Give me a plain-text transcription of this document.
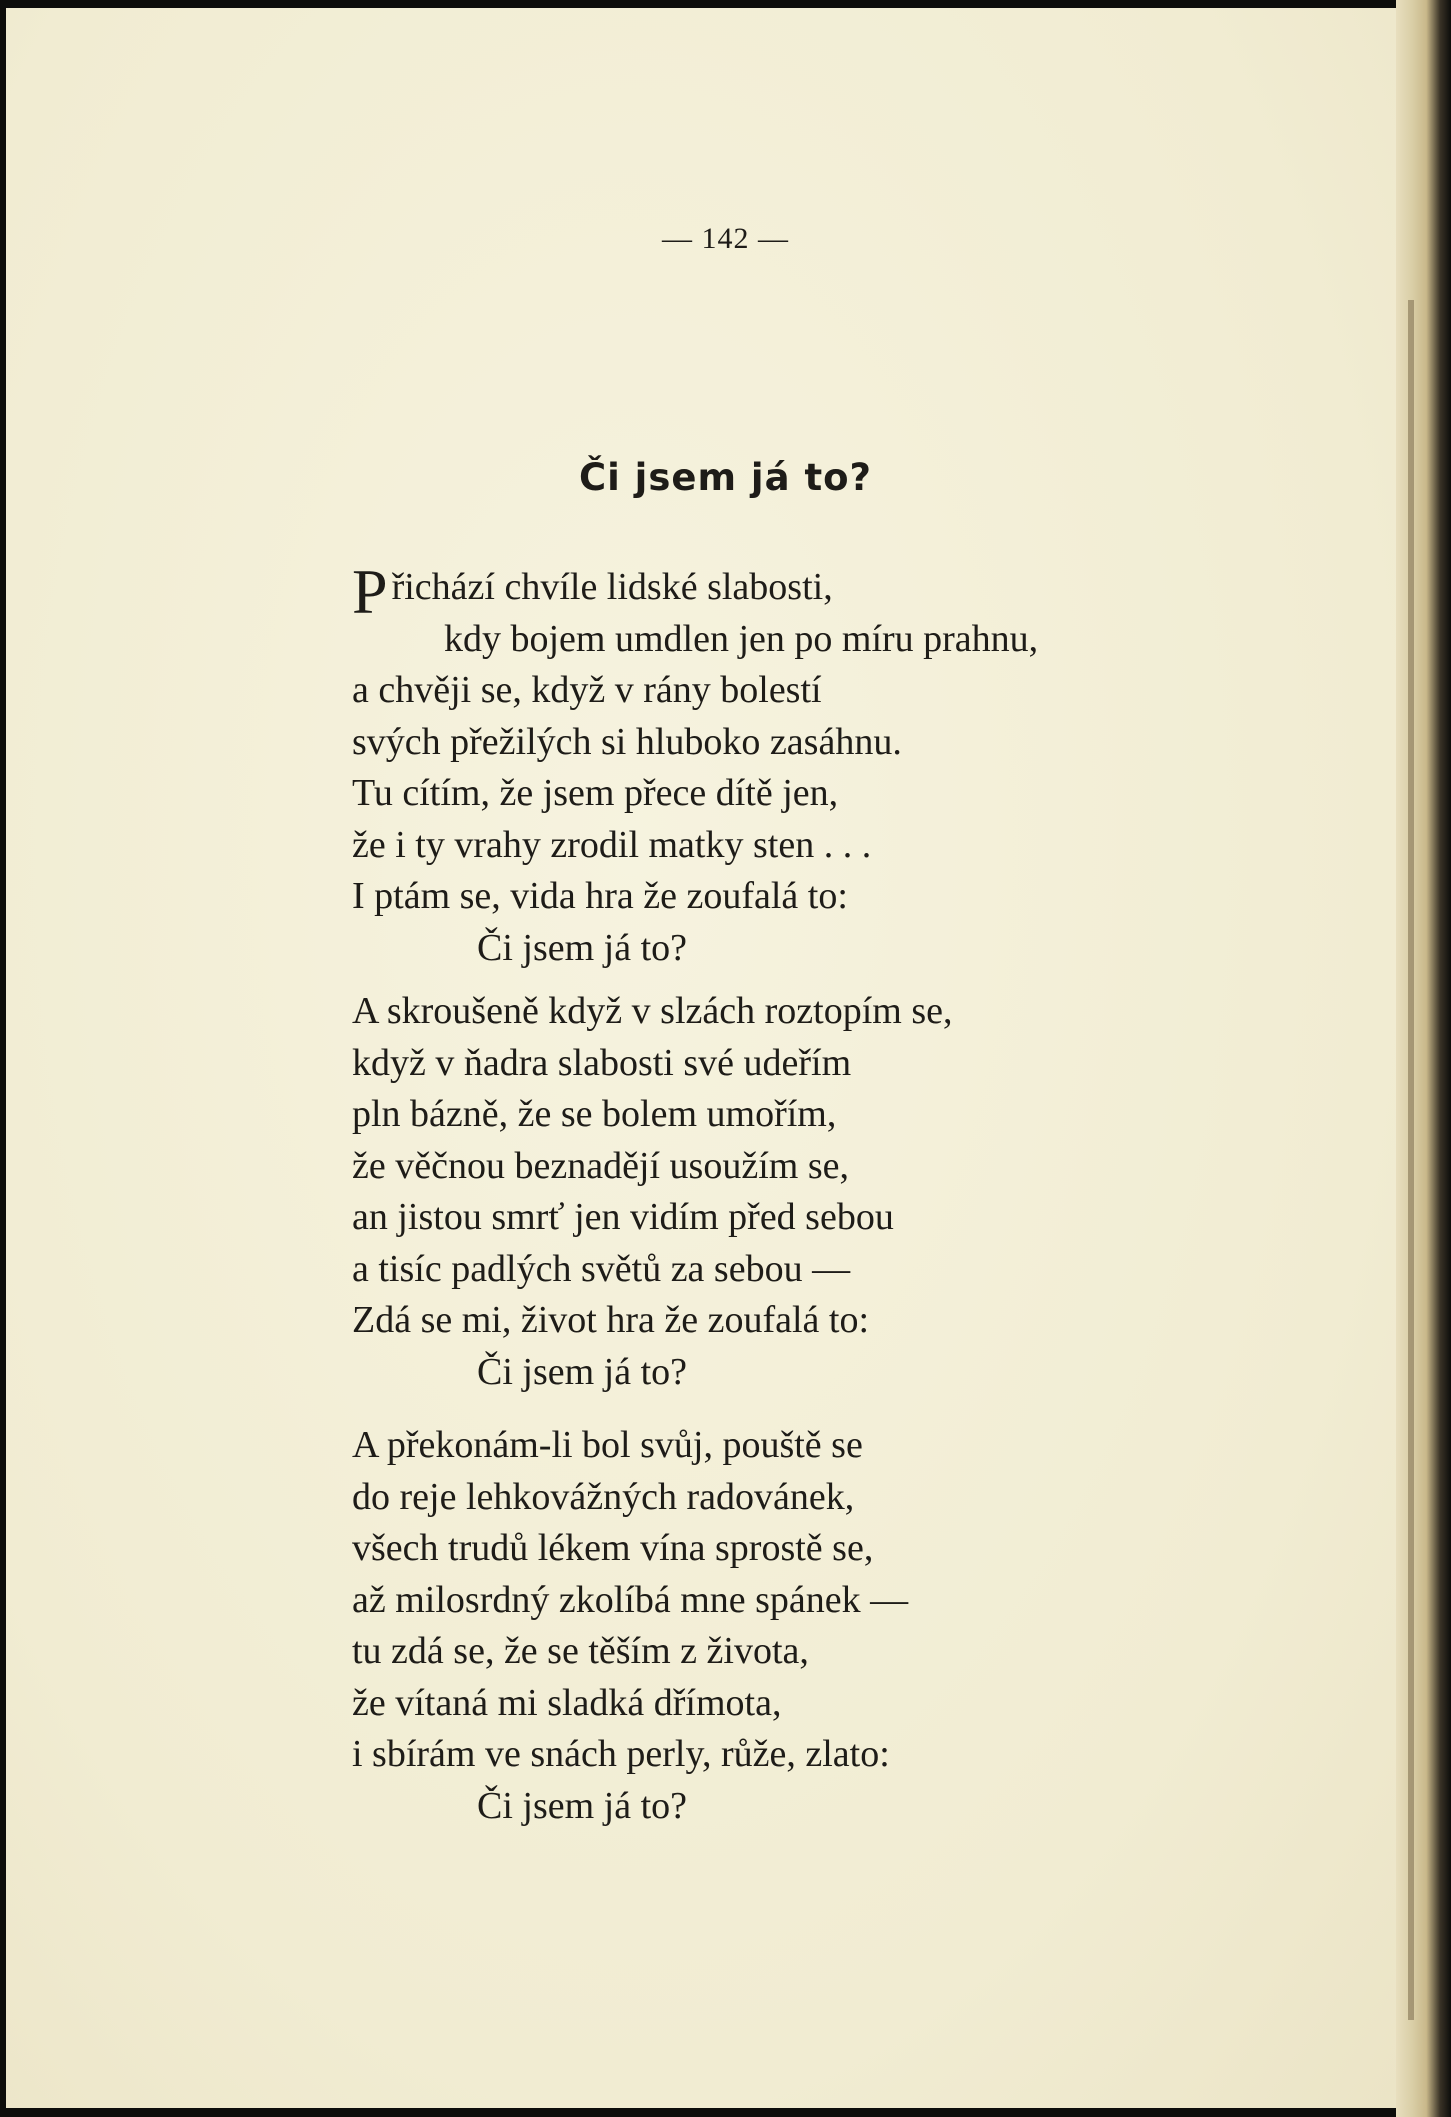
— 142 —
Či jsem já to?
Přichází chvíle lidské slabosti,
kdy bojem umdlen jen po míru prahnu,
a chvěji se, když v rány bolestí
svých přežilých si hluboko zasáhnu.
Tu cítím, že jsem přece dítě jen,
že i ty vrahy zrodil matky sten . . .
I ptám se, vida hra že zoufalá to:
Či jsem já to?
A skroušeně když v slzách roztopím se,
když v ňadra slabosti své udeřím
pln bázně, že se bolem umořím,
že věčnou beznadějí usoužím se,
an jistou smrť jen vidím před sebou
a tisíc padlých světů za sebou —
Zdá se mi, život hra že zoufalá to:
Či jsem já to?
A překonám-li bol svůj, pouště se
do reje lehkovážných radovánek,
všech trudů lékem vína sprostě se,
až milosrdný zkolíbá mne spánek —
tu zdá se, že se těším z života,
že vítaná mi sladká dřímota,
i sbírám ve snách perly, růže, zlato:
Či jsem já to?
